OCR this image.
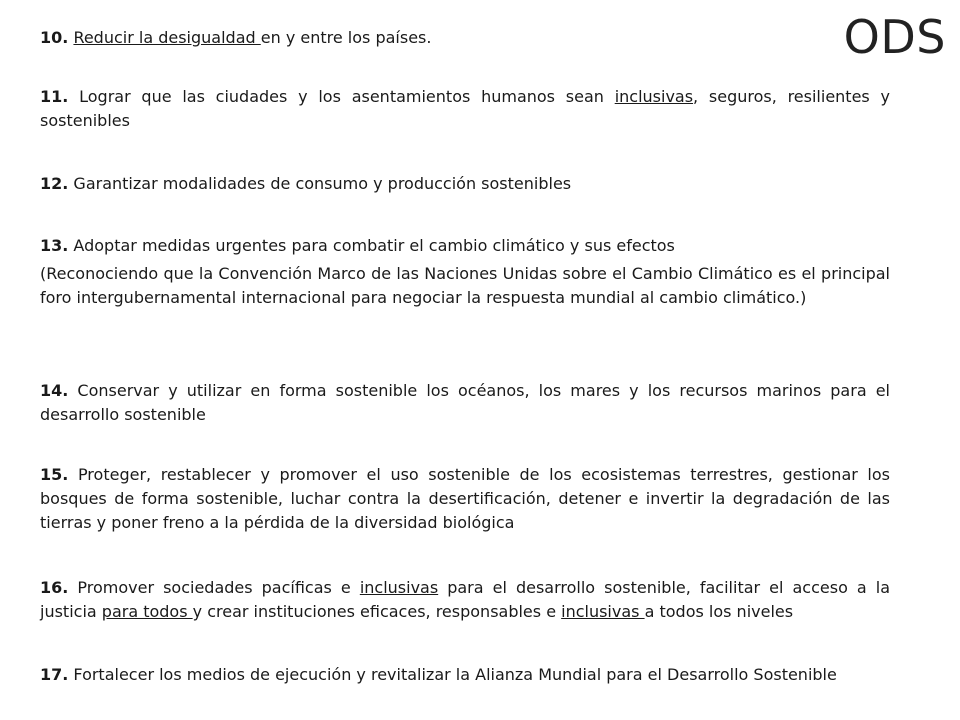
ODS
10. Reducir la desigualdad en y entre los países.
11. Lograr que las ciudades y los asentamientos humanos sean inclusivas, seguros, resilientes y sostenibles
12. Garantizar modalidades de consumo y producción sostenibles
13. Adoptar medidas urgentes para combatir el cambio climático y sus efectos
(Reconociendo que la Convención Marco de las Naciones Unidas sobre el Cambio Climático es el principal foro intergubernamental internacional para negociar la respuesta mundial al cambio climático.)
14. Conservar y utilizar en forma sostenible los océanos, los mares y los recursos marinos para el desarrollo sostenible
15. Proteger, restablecer y promover el uso sostenible de los ecosistemas terrestres, gestionar los bosques de forma sostenible, luchar contra la desertificación, detener e invertir la degradación de las tierras y poner freno a la pérdida de la diversidad biológica
16. Promover sociedades pacíficas e inclusivas para el desarrollo sostenible, facilitar el acceso a la justicia para todos y crear instituciones eficaces, responsables e inclusivas a todos los niveles
17. Fortalecer los medios de ejecución y revitalizar la Alianza Mundial para el Desarrollo Sostenible
